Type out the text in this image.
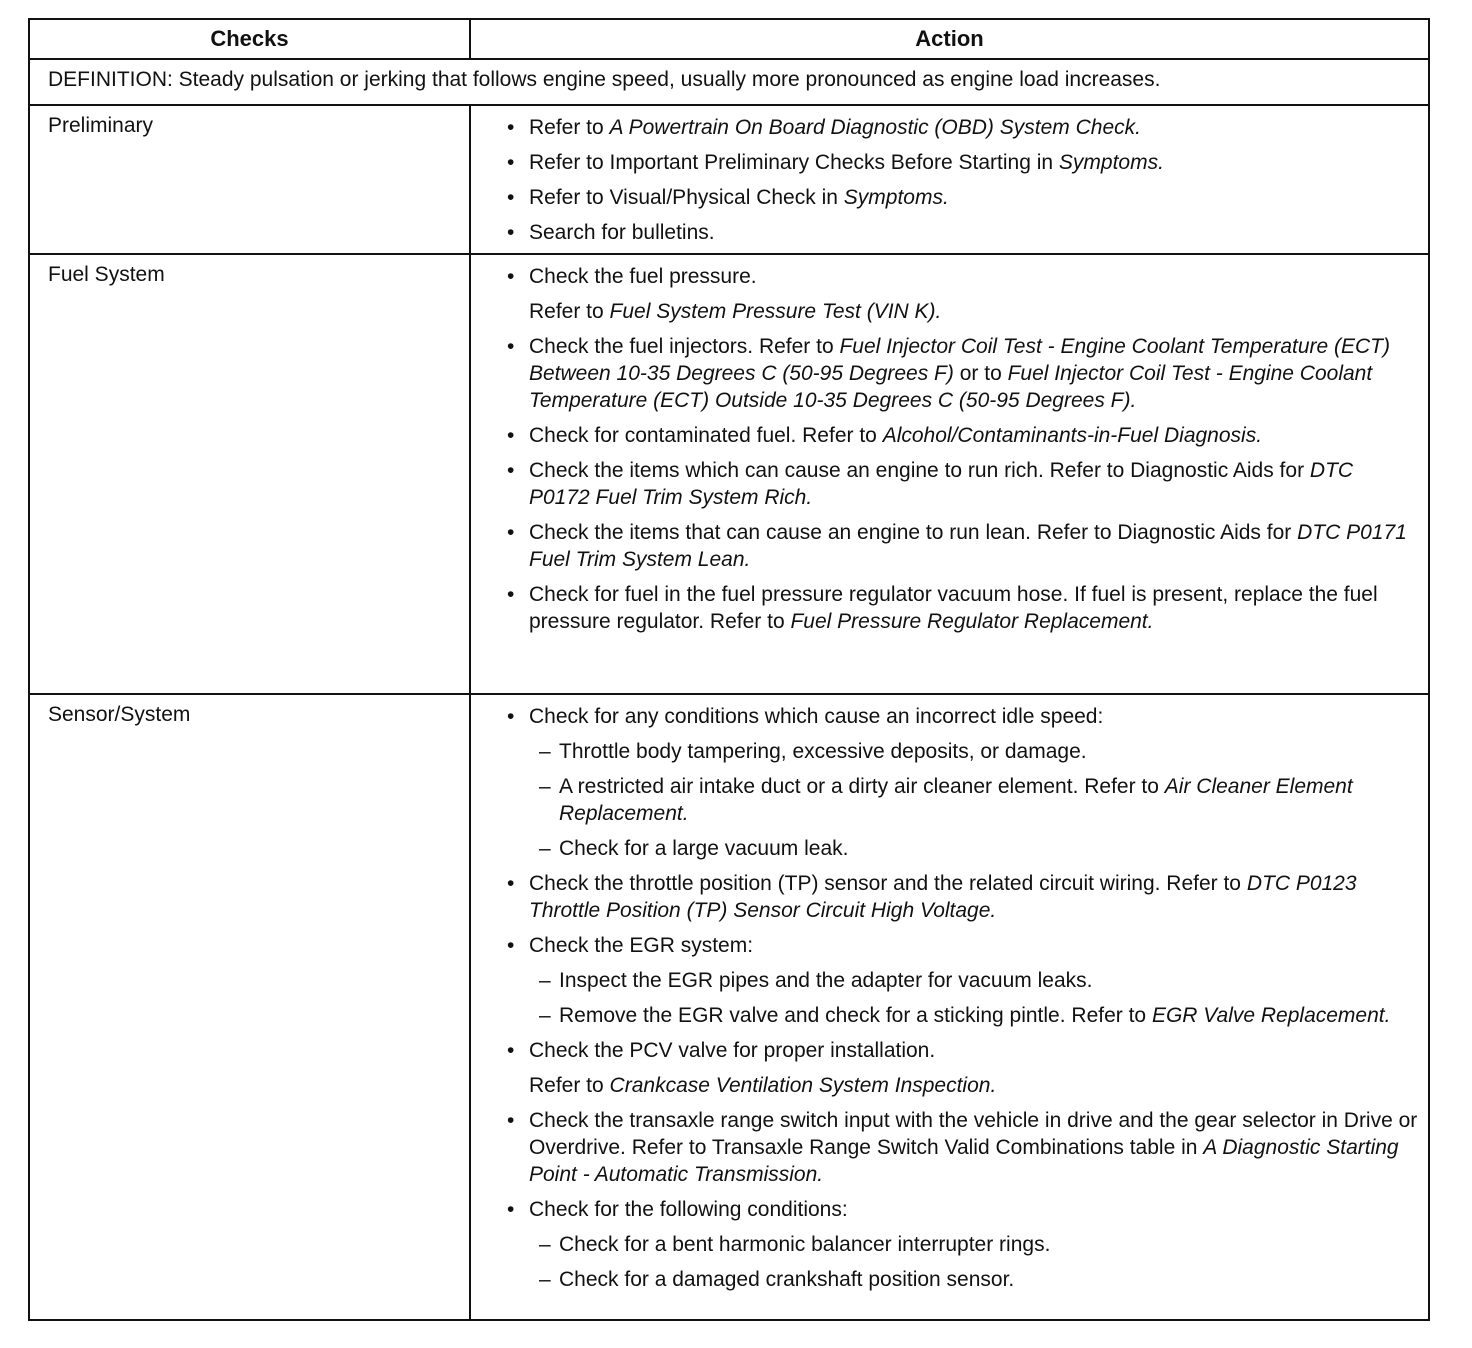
Checks	Action
DEFINITION: Steady pulsation or jerking that follows engine speed, usually more pronounced as engine load increases.
Preliminary	• Refer to A Powertrain On Board Diagnostic (OBD) System Check.
• Refer to Important Preliminary Checks Before Starting in Symptoms.
• Refer to Visual/Physical Check in Symptoms.
• Search for bulletins.
Fuel System	• Check the fuel pressure.
Refer to Fuel System Pressure Test (VIN K).
• Check the fuel injectors. Refer to Fuel Injector Coil Test - Engine Coolant Temperature (ECT) Between 10-35 Degrees C (50-95 Degrees F) or to Fuel Injector Coil Test - Engine Coolant Temperature (ECT) Outside 10-35 Degrees C (50-95 Degrees F).
• Check for contaminated fuel. Refer to Alcohol/Contaminants-in-Fuel Diagnosis.
• Check the items which can cause an engine to run rich. Refer to Diagnostic Aids for DTC P0172 Fuel Trim System Rich.
• Check the items that can cause an engine to run lean. Refer to Diagnostic Aids for DTC P0171 Fuel Trim System Lean.
• Check for fuel in the fuel pressure regulator vacuum hose. If fuel is present, replace the fuel pressure regulator. Refer to Fuel Pressure Regulator Replacement.
Sensor/System	• Check for any conditions which cause an incorrect idle speed:
– Throttle body tampering, excessive deposits, or damage.
– A restricted air intake duct or a dirty air cleaner element. Refer to Air Cleaner Element Replacement.
– Check for a large vacuum leak.
• Check the throttle position (TP) sensor and the related circuit wiring. Refer to DTC P0123 Throttle Position (TP) Sensor Circuit High Voltage.
• Check the EGR system:
– Inspect the EGR pipes and the adapter for vacuum leaks.
– Remove the EGR valve and check for a sticking pintle. Refer to EGR Valve Replacement.
• Check the PCV valve for proper installation.
Refer to Crankcase Ventilation System Inspection.
• Check the transaxle range switch input with the vehicle in drive and the gear selector in Drive or Overdrive. Refer to Transaxle Range Switch Valid Combinations table in A Diagnostic Starting Point - Automatic Transmission.
• Check for the following conditions:
– Check for a bent harmonic balancer interrupter rings.
– Check for a damaged crankshaft position sensor.
